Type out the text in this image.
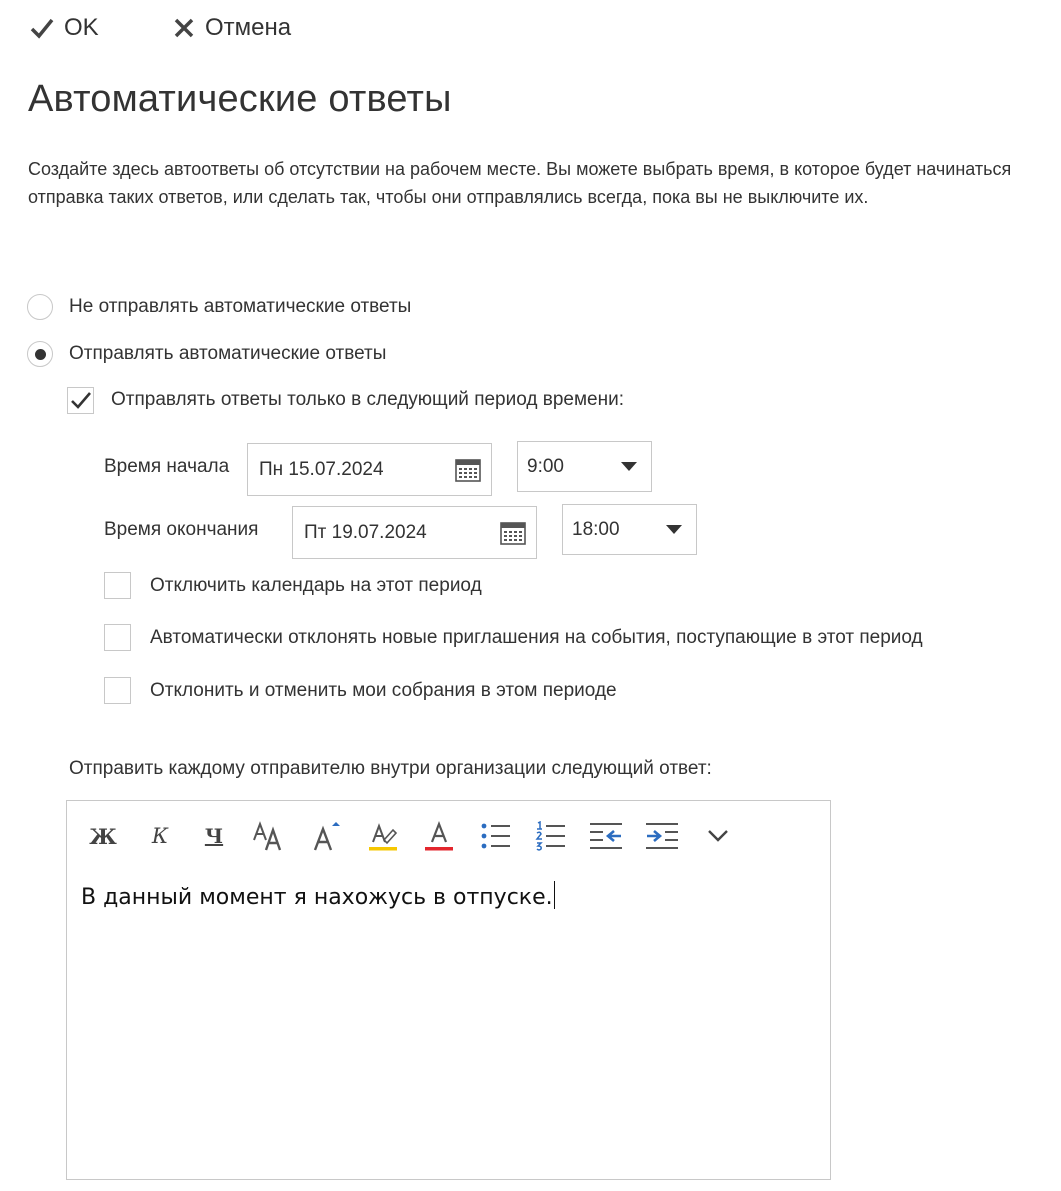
OK	Отмена
Автоматические ответы
Создайте здесь автоответы об отсутствии на рабочем месте. Вы можете выбрать время, в которое будет начинаться отправка таких ответов, или сделать так, чтобы они отправлялись всегда, пока вы не выключите их.
Не отправлять автоматические ответы
Отправлять автоматические ответы
Отправлять ответы только в следующий период времени:
Время начала Пн 15.07.2024	9:00
Время окончания Пт 19.07.2024	18:00
Отключить календарь на этот период
Автоматически отклонять новые приглашения на события, поступающие в этот период
Отклонить и отменить мои собрания в этом периоде
Отправить каждому отправителю внутри организации следующий ответ:
Ж К Ч
В данный момент я нахожусь в отпуске.
